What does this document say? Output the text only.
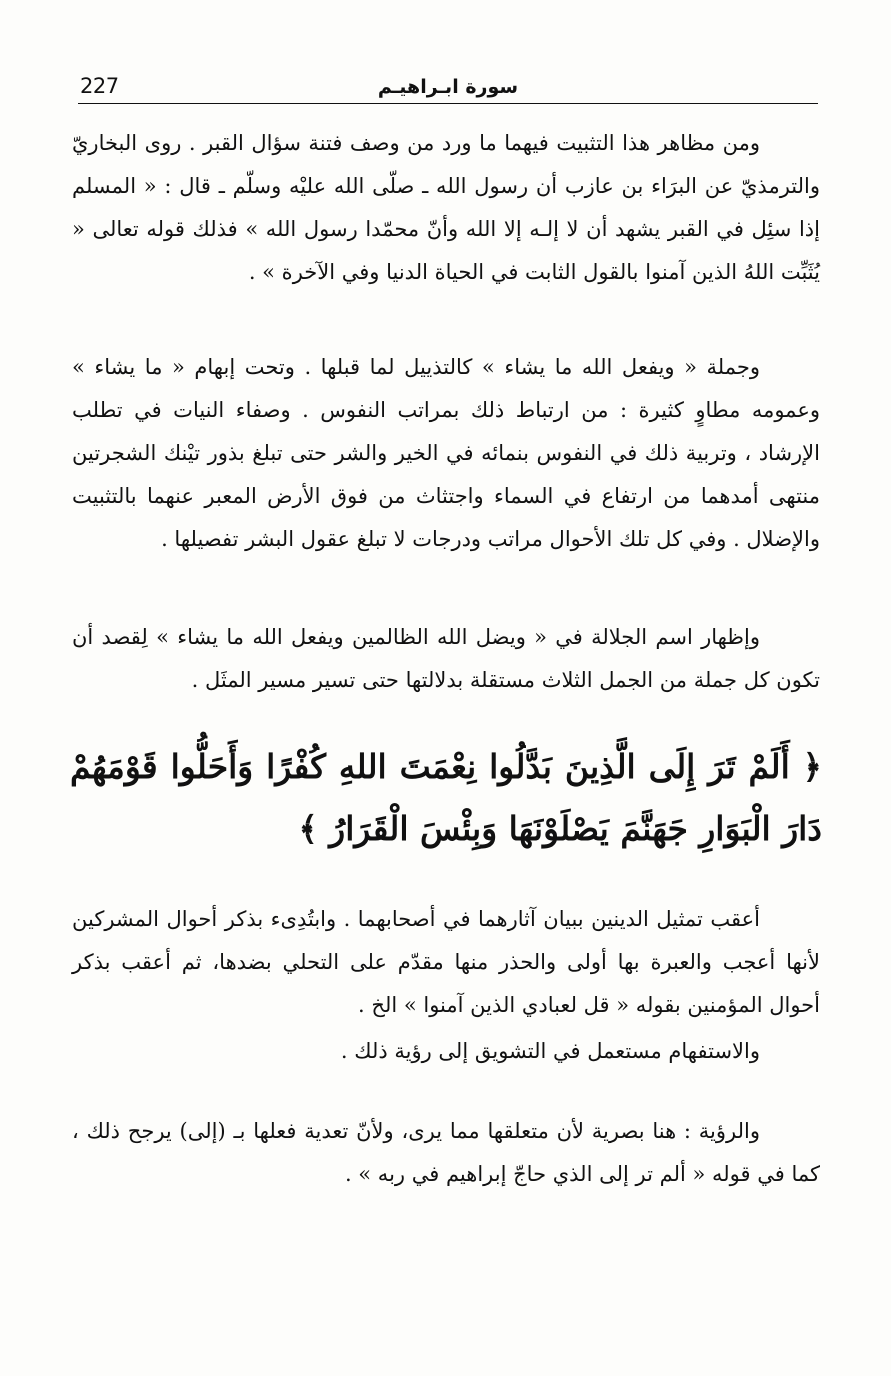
227	سورة ابـراهيـم

ومن مظاهر هذا التثبيت فيهما ما ورد من وصف فتنة سؤال القبر . روى البخاريّ والترمذيّ عن البرَاء بن عازب أن رسول الله ـ صلّى الله عليْه وسلّم ـ قال : « المسلم إذا سئِل في القبر يشهد أن لا إلـه إلا الله وأنّ محمّدا رسول الله » فذلك قوله تعالى « يُثَبِّت اللهُ الذين آمنوا بالقول الثابت في الحياة الدنيا وفي الآخرة » .

وجملة « ويفعل الله ما يشاء » كالتذييل لما قبلها . وتحت إبهام « ما يشاء » وعمومه مطاوٍ كثيرة : من ارتباط ذلك بمراتب النفوس . وصفاء النيات في تطلب الإرشاد ، وتربية ذلك في النفوس بنمائه في الخير والشر حتى تبلغ بذور تيْنك الشجرتين منتهى أمدهما من ارتفاع في السماء واجتثاث من فوق الأرض المعبر عنهما بالتثبيت والإضلال . وفي كل تلك الأحوال مراتب ودرجات لا تبلغ عقول البشر تفصيلها .

وإظهار اسم الجلالة في « ويضل الله الظالمين ويفعل الله ما يشاء » لِقصد أن تكون كل جملة من الجمل الثلاث مستقلة بدلالتها حتى تسير مسير المثَل .

﴿ أَلَمْ تَرَ إِلَى الَّذِينَ بَدَّلُوا نِعْمَتَ اللهِ كُفْرًا وَأَحَلُّوا قَوْمَهُمْ دَارَ الْبَوَارِ جَهَنَّمَ يَصْلَوْنَهَا وَبِئْسَ الْقَرَارُ ﴾

أعقب تمثيل الدينين ببيان آثارهما في أصحابهما . وابتُدِىء بذكر أحوال المشركين لأنها أعجب والعبرة بها أولى والحذر منها مقدّم على التحلي بضدها، ثم أعقب بذكر أحوال المؤمنين بقوله « قل لعبادي الذين آمنوا » الخ .

والاستفهام مستعمل في التشويق إلى رؤية ذلك .

والرؤية : هنا بصرية لأن متعلقها مما يرى، ولأنّ تعدية فعلها بـ (إلى) يرجح ذلك ، كما في قوله « ألم تر إلى الذي حاجّ إبراهيم في ربه » .
